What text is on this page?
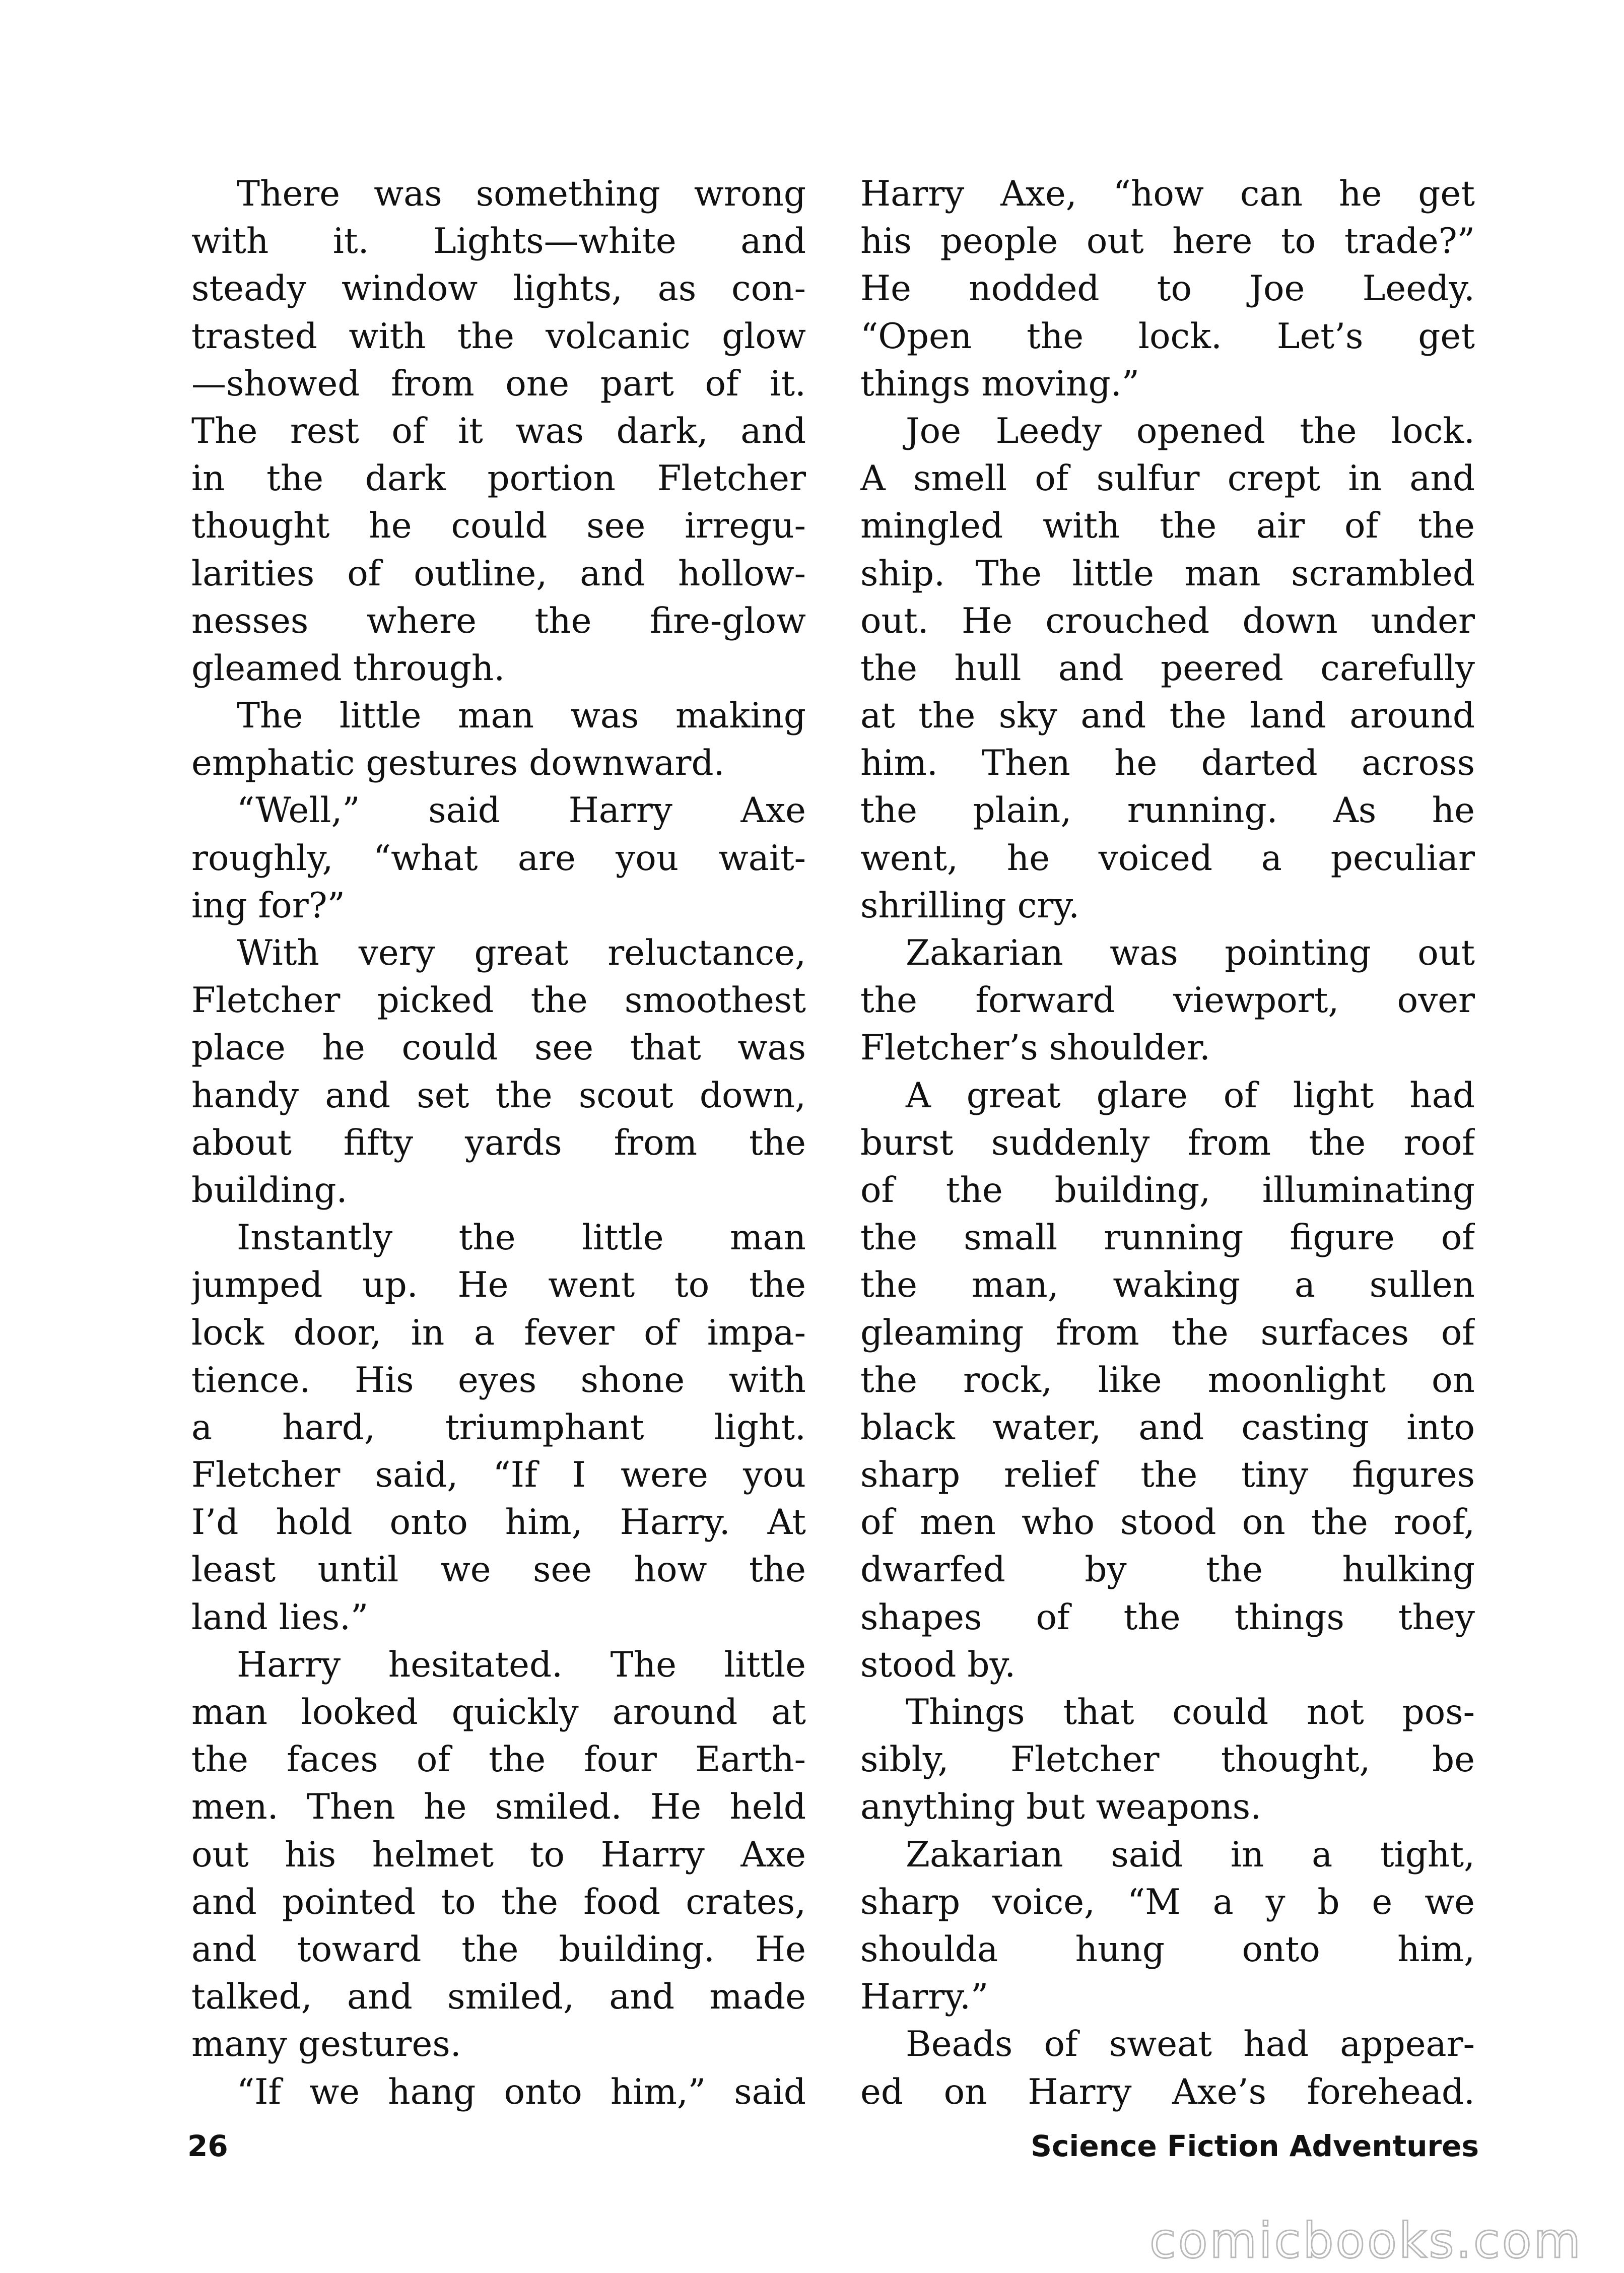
There was something wrong
with it. Lights—white and
steady window lights, as con-
trasted with the volcanic glow
—showed from one part of it.
The rest of it was dark, and
in the dark portion Fletcher
thought he could see irregu-
larities of outline, and hollow-
nesses where the fire-glow
gleamed through.
The little man was making
emphatic gestures downward.
“Well,” said Harry Axe
roughly, “what are you wait-
ing for?”
With very great reluctance,
Fletcher picked the smoothest
place he could see that was
handy and set the scout down,
about fifty yards from the
building.
Instantly the little man
jumped up. He went to the
lock door, in a fever of impa-
tience. His eyes shone with
a hard, triumphant light.
Fletcher said, “If I were you
I’d hold onto him, Harry. At
least until we see how the
land lies.”
Harry hesitated. The little
man looked quickly around at
the faces of the four Earth-
men. Then he smiled. He held
out his helmet to Harry Axe
and pointed to the food crates,
and toward the building. He
talked, and smiled, and made
many gestures.
“If we hang onto him,” said
Harry Axe, “how can he get
his people out here to trade?”
He nodded to Joe Leedy.
“Open the lock. Let’s get
things moving.”
Joe Leedy opened the lock.
A smell of sulfur crept in and
mingled with the air of the
ship. The little man scrambled
out. He crouched down under
the hull and peered carefully
at the sky and the land around
him. Then he darted across
the plain, running. As he
went, he voiced a peculiar
shrilling cry.
Zakarian was pointing out
the forward viewport, over
Fletcher’s shoulder.
A great glare of light had
burst suddenly from the roof
of the building, illuminating
the small running figure of
the man, waking a sullen
gleaming from the surfaces of
the rock, like moonlight on
black water, and casting into
sharp relief the tiny figures
of men who stood on the roof,
dwarfed by the hulking
shapes of the things they
stood by.
Things that could not pos-
sibly, Fletcher thought, be
anything but weapons.
Zakarian said in a tight,
sharp voice, “M a y b e we
shoulda hung onto him,
Harry.”
Beads of sweat had appear-
ed on Harry Axe’s forehead.
26	Science Fiction Adventures
comicbooks.com
